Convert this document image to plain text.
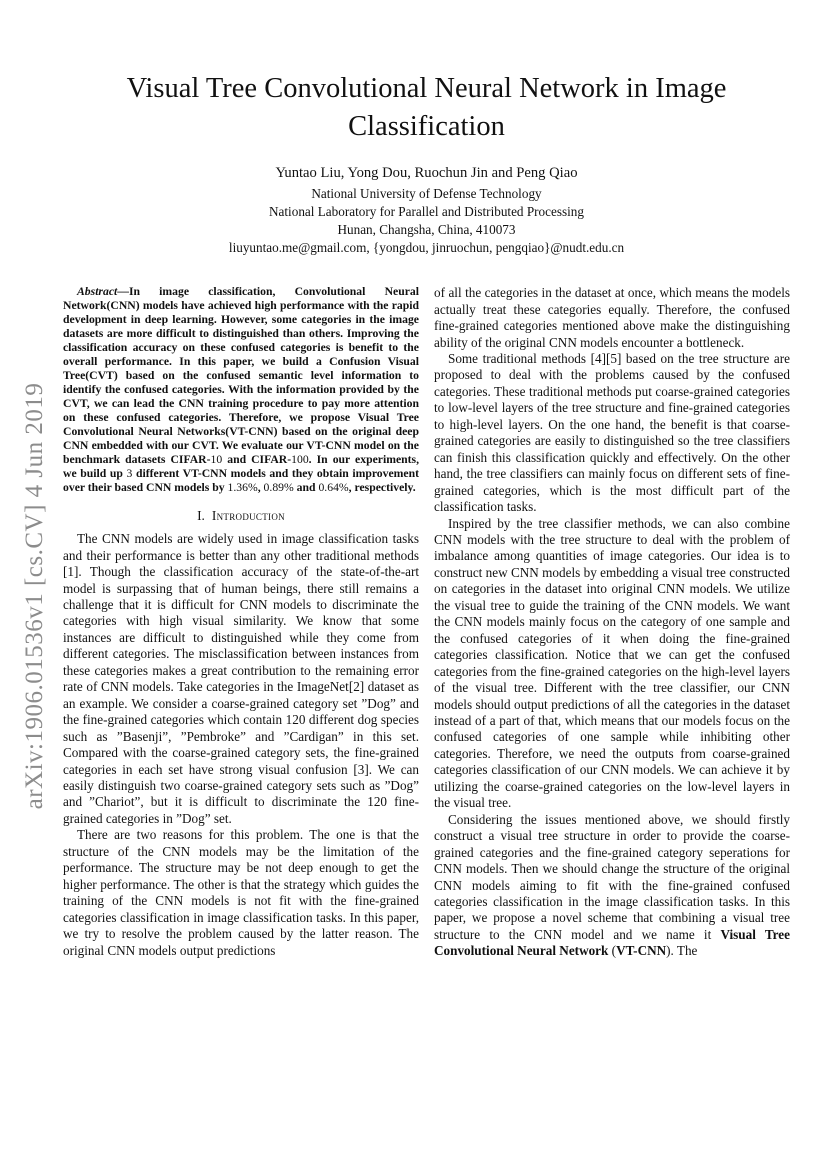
arXiv:1906.01536v1 [cs.CV] 4 Jun 2019
Visual Tree Convolutional Neural Network in Image Classification
Yuntao Liu, Yong Dou, Ruochun Jin and Peng Qiao
National University of Defense Technology
National Laboratory for Parallel and Distributed Processing
Hunan, Changsha, China, 410073
liuyuntao.me@gmail.com, {yongdou, jinruochun, pengqiao}@nudt.edu.cn

Abstract—In image classification, Convolutional Neural Network(CNN) models have achieved high performance with the rapid development in deep learning. However, some categories in the image datasets are more difficult to distinguished than others. Improving the classification accuracy on these confused categories is benefit to the overall performance. In this paper, we build a Confusion Visual Tree(CVT) based on the confused semantic level information to identify the confused categories. With the information provided by the CVT, we can lead the CNN training procedure to pay more attention on these confused categories. Therefore, we propose Visual Tree Convolutional Neural Networks(VT-CNN) based on the original deep CNN embedded with our CVT. We evaluate our VT-CNN model on the benchmark datasets CIFAR-10 and CIFAR-100. In our experiments, we build up 3 different VT-CNN models and they obtain improvement over their based CNN models by 1.36%, 0.89% and 0.64%, respectively.

I. Introduction

The CNN models are widely used in image classification tasks and their performance is better than any other traditional methods [1]. Though the classification accuracy of the state-of-the-art model is surpassing that of human beings, there still remains a challenge that it is difficult for CNN models to discriminate the categories with high visual similarity. We know that some instances are difficult to distinguished while they come from different categories. The misclassification between instances from these categories makes a great contribution to the remaining error rate of CNN models. Take categories in the ImageNet[2] dataset as an example. We consider a coarse-grained category set ”Dog” and the fine-grained categories which contain 120 different dog species such as ”Basenji”, ”Pembroke” and ”Cardigan” in this set. Compared with the coarse-grained category sets, the fine-grained categories in each set have strong visual confusion [3]. We can easily distinguish two coarse-grained category sets such as ”Dog” and ”Chariot”, but it is difficult to discriminate the 120 fine-grained categories in ”Dog” set.

There are two reasons for this problem. The one is that the structure of the CNN models may be the limitation of the performance. The structure may be not deep enough to get the higher performance. The other is that the strategy which guides the training of the CNN models is not fit with the fine-grained categories classification in image classification tasks. In this paper, we try to resolve the problem caused by the latter reason. The original CNN models output predictions

of all the categories in the dataset at once, which means the models actually treat these categories equally. Therefore, the confused fine-grained categories mentioned above make the distinguishing ability of the original CNN models encounter a bottleneck.

Some traditional methods [4][5] based on the tree structure are proposed to deal with the problems caused by the confused categories. These traditional methods put coarse-grained categories to low-level layers of the tree structure and fine-grained categories to high-level layers. On the one hand, the benefit is that coarse-grained categories are easily to distinguished so the tree classifiers can finish this classification quickly and effectively. On the other hand, the tree classifiers can mainly focus on different sets of fine-grained categories, which is the most difficult part of the classification tasks.

Inspired by the tree classifier methods, we can also combine CNN models with the tree structure to deal with the problem of imbalance among quantities of image categories. Our idea is to construct new CNN models by embedding a visual tree constructed on categories in the dataset into original CNN models. We utilize the visual tree to guide the training of the CNN models. We want the CNN models mainly focus on the category of one sample and the confused categories of it when doing the fine-grained categories classification. Notice that we can get the confused categories from the fine-grained categories on the high-level layers of the visual tree. Different with the tree classifier, our CNN models should output predictions of all the categories in the dataset instead of a part of that, which means that our models focus on the confused categories of one sample while inhibiting other categories. Therefore, we need the outputs from coarse-grained categories classification of our CNN models. We can achieve it by utilizing the coarse-grained categories on the low-level layers in the visual tree.

Considering the issues mentioned above, we should firstly construct a visual tree structure in order to provide the coarse-grained categories and the fine-grained category seperations for CNN models. Then we should change the structure of the original CNN models aiming to fit with the fine-grained confused categories classification in the image classification tasks. In this paper, we propose a novel scheme that combining a visual tree structure to the CNN model and we name it Visual Tree Convolutional Neural Network (VT-CNN). The
